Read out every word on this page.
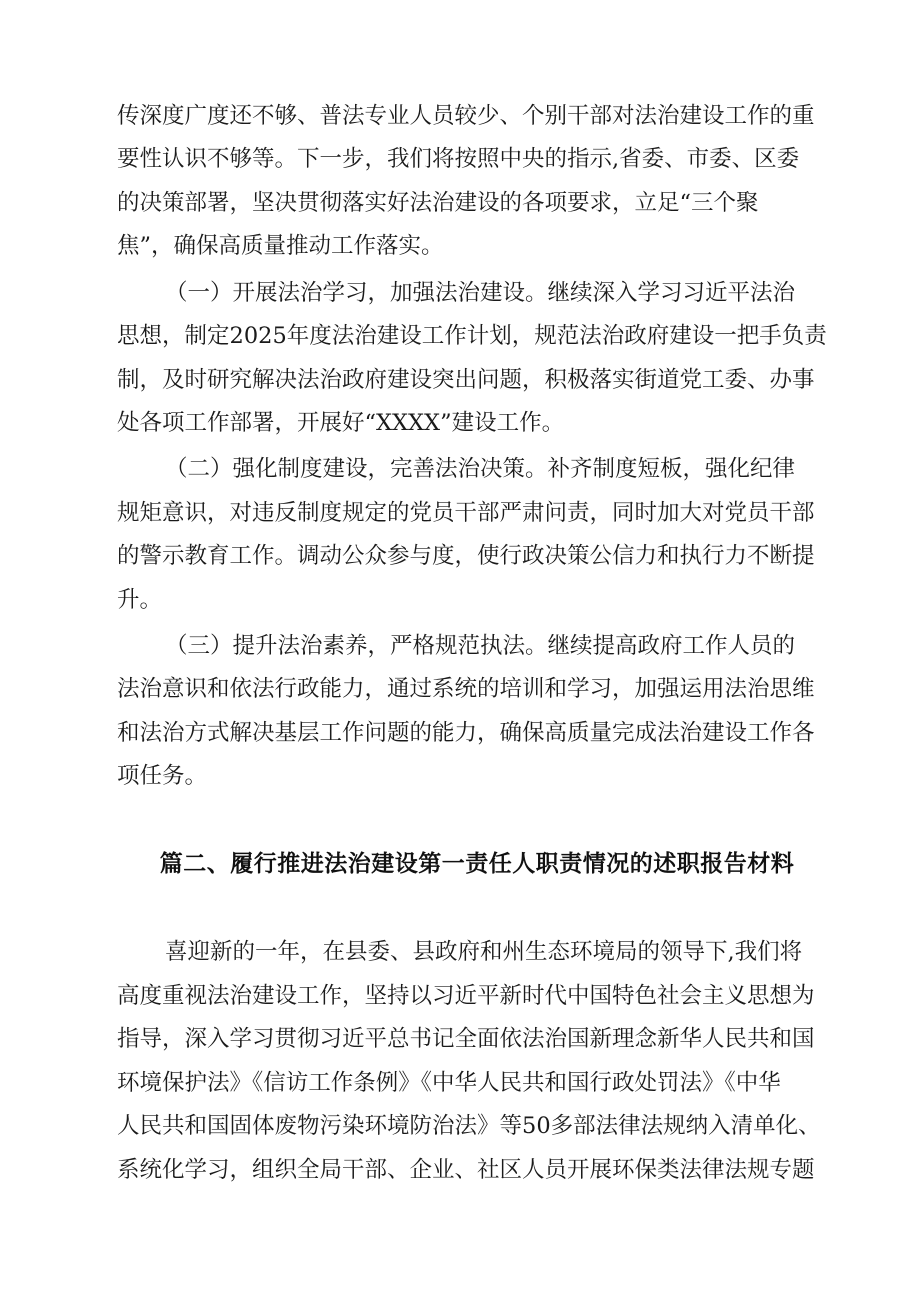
传深度广度还不够、普法专业人员较少、个别干部对法治建设工作的重
要性认识不够等。下一步，我们将按照中央的指示,省委、市委、区委
的决策部署，坚决贯彻落实好法治建设的各项要求，立足“三个聚
焦”，确保高质量推动工作落实。
（一）开展法治学习，加强法治建设。继续深入学习习近平法治
思想，制定2025年度法治建设工作计划，规范法治政府建设一把手负责
制，及时研究解决法治政府建设突出问题，积极落实街道党工委、办事
处各项工作部署，开展好“XXXX”建设工作。
（二）强化制度建设，完善法治决策。补齐制度短板，强化纪律
规矩意识，对违反制度规定的党员干部严肃问责，同时加大对党员干部
的警示教育工作。调动公众参与度，使行政决策公信力和执行力不断提
升。
（三）提升法治素养，严格规范执法。继续提高政府工作人员的
法治意识和依法行政能力，通过系统的培训和学习，加强运用法治思维
和法治方式解决基层工作问题的能力，确保高质量完成法治建设工作各
项任务。
篇二、履行推进法治建设第一责任人职责情况的述职报告材料
喜迎新的一年，在县委、县政府和州生态环境局的领导下,我们将
高度重视法治建设工作，坚持以习近平新时代中国特色社会主义思想为
指导，深入学习贯彻习近平总书记全面依法治国新理念新华人民共和国
环境保护法》《信访工作条例》《中华人民共和国行政处罚法》《中华
人民共和国固体废物污染环境防治法》等50多部法律法规纳入清单化、
系统化学习，组织全局干部、企业、社区人员开展环保类法律法规专题
